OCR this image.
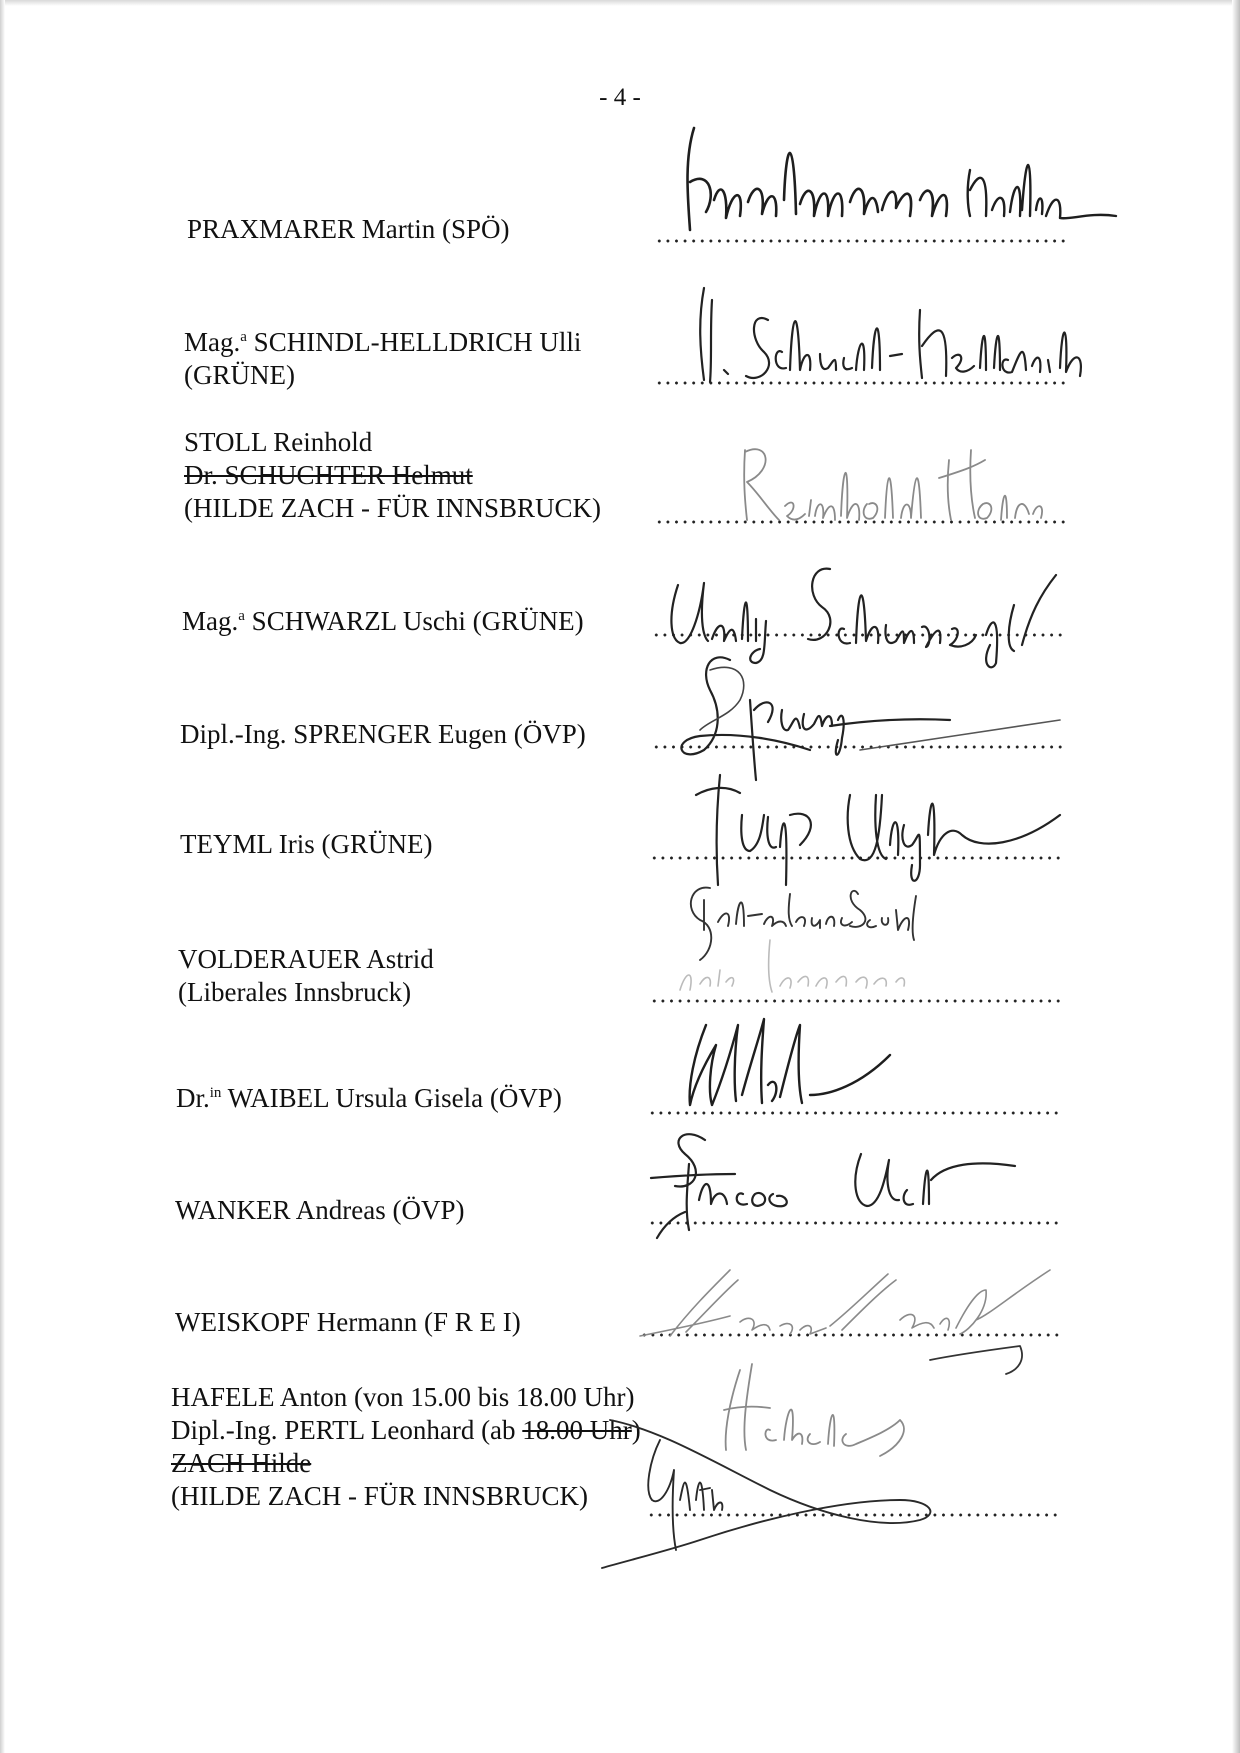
- 4 -
PRAXMARER Martin (SPÖ)
Mag.$^a$ SCHINDL-HELLDRICH Ulli
(GRÜNE)
STOLL Reinhold
Dr. SCHUCHTER Helmut
(HILDE ZACH - FÜR INNSBRUCK)
Mag.$^a$ SCHWARZL Uschi (GRÜNE)
Dipl.-Ing. SPRENGER Eugen (ÖVP)
TEYML Iris (GRÜNE)
VOLDERAUER Astrid
(Liberales Innsbruck)
Dr.$^{in}$ WAIBEL Ursula Gisela (ÖVP)
WANKER Andreas (ÖVP)
WEISKOPF Hermann (F R E I)
HAFELE Anton (von 15.00 bis 18.00 Uhr)
Dipl.-Ing. PERTL Leonhard (ab 18.00 Uhr)
ZACH Hilde
(HILDE ZACH - FÜR INNSBRUCK)
